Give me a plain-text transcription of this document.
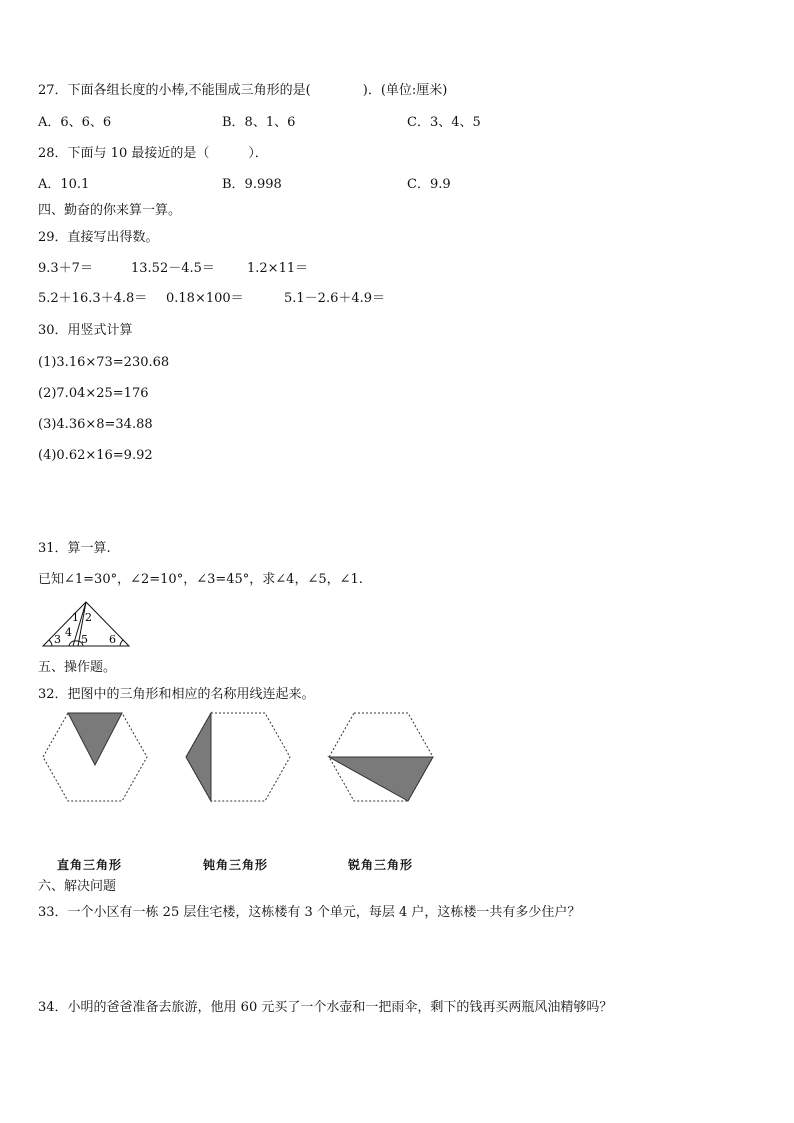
27．下面各组长度的小棒,不能围成三角形的是(　　　　)．(单位:厘米)
A．6、6、6	B．8、1、6	C．3、4、5
28．下面与 10 最接近的是（　　　）．
A．10.1	B．9.998	C．9.9
四、勤奋的你来算一算。
29．直接写出得数。
9.3＋7＝	13.52－4.5＝ 1.2×11＝
5.2＋16.3＋4.8＝ 0.18×100＝	5.1－2.6＋4.9＝
30．用竖式计算
(1)3.16×73=230.68
(2)7.04×25=176
(3)4.36×8=34.88
(4)0.62×16=9.92
31．算一算.
已知∠1=30°，∠2=10°，∠3=45°，求∠4，∠5，∠1.
1 2
3
4
5 6
五、操作题。
32．把图中的三角形和相应的名称用线连起来。
直角三角形	钝角三角形	锐角三角形
六、解决问题
33．一个小区有一栋 25 层住宅楼，这栋楼有 3 个单元，每层 4 户，这栋楼一共有多少住户？
34．小明的爸爸准备去旅游，他用 60 元买了一个水壶和一把雨伞，剩下的钱再买两瓶风油精够吗？
